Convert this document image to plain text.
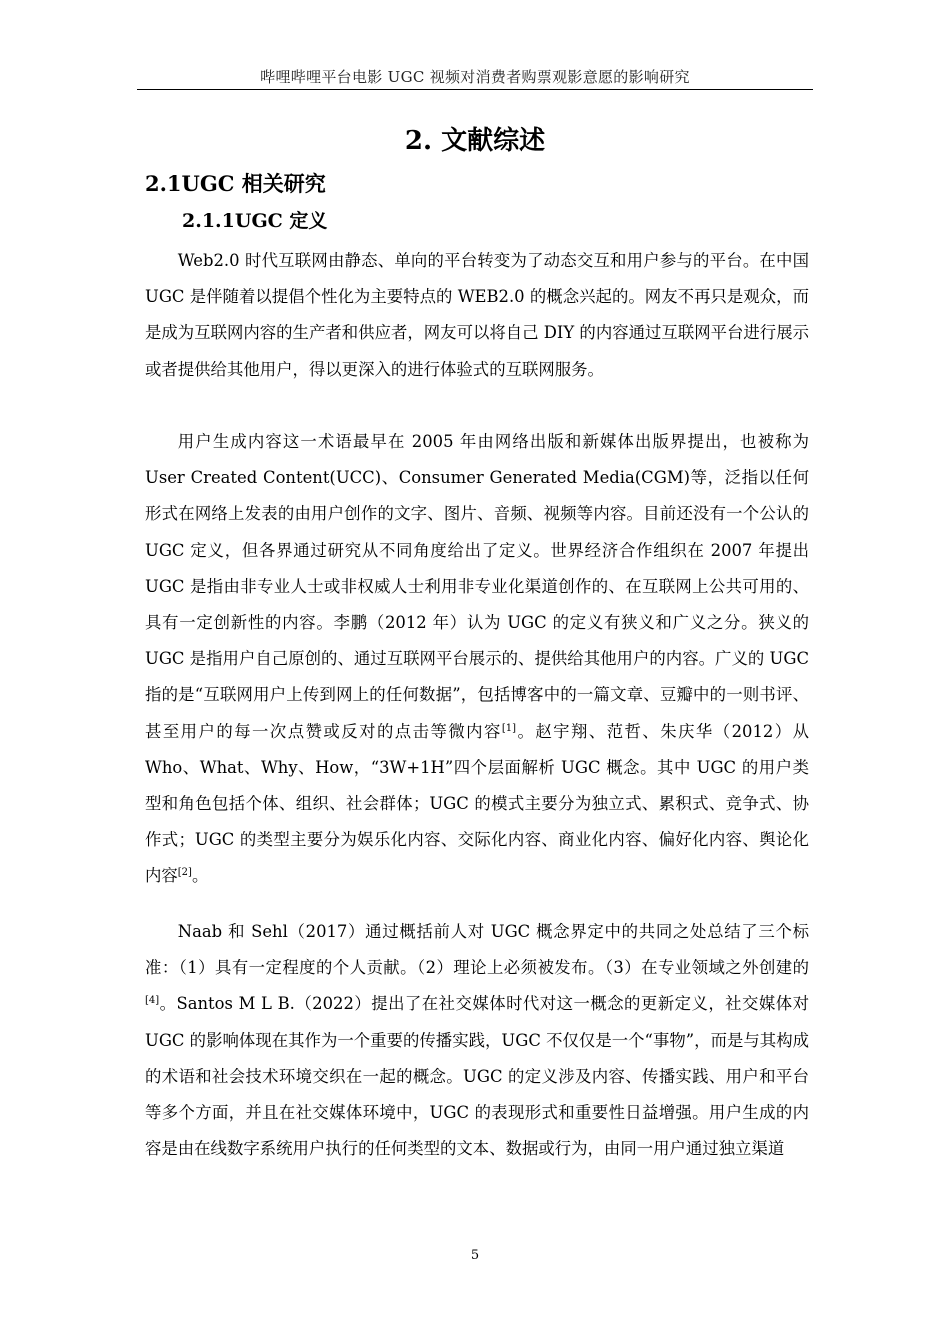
哔哩哔哩平台电影 UGC 视频对消费者购票观影意愿的影响研究
2. 文献综述
2.1UGC 相关研究
2.1.1UGC 定义

Web2.0 时代互联网由静态、单向的平台转变为了动态交互和用户参与的平台。在中国 UGC 是伴随着以提倡个性化为主要特点的 WEB2.0 的概念兴起的。网友不再只是观众，而是成为互联网内容的生产者和供应者，网友可以将自己 DIY 的内容通过互联网平台进行展示或者提供给其他用户，得以更深入的进行体验式的互联网服务。

用户生成内容这一术语最早在 2005 年由网络出版和新媒体出版界提出，也被称为 User Created Content(UCC)、Consumer Generated Media(CGM)等，泛指以任何形式在网络上发表的由用户创作的文字、图片、音频、视频等内容。目前还没有一个公认的 UGC 定义，但各界通过研究从不同角度给出了定义。世界经济合作组织在 2007 年提出 UGC 是指由非专业人士或非权威人士利用非专业化渠道创作的、在互联网上公共可用的、具有一定创新性的内容。李鹏（2012 年）认为 UGC 的定义有狭义和广义之分。狭义的 UGC 是指用户自己原创的、通过互联网平台展示的、提供给其他用户的内容。广义的 UGC 指的是“互联网用户上传到网上的任何数据”，包括博客中的一篇文章、豆瓣中的一则书评、甚至用户的每一次点赞或反对的点击等微内容[1]。赵宇翔、范哲、朱庆华（2012）从 Who、What、Why、How，“3W+1H”四个层面解析 UGC 概念。其中 UGC 的用户类型和角色包括个体、组织、社会群体；UGC 的模式主要分为独立式、累积式、竞争式、协作式；UGC 的类型主要分为娱乐化内容、交际化内容、商业化内容、偏好化内容、舆论化内容[2]。

Naab 和 Sehl（2017）通过概括前人对 UGC 概念界定中的共同之处总结了三个标准：（1）具有一定程度的个人贡献。（2）理论上必须被发布。（3）在专业领域之外创建的[4]。Santos M L B.（2022）提出了在社交媒体时代对这一概念的更新定义，社交媒体对 UGC 的影响体现在其作为一个重要的传播实践，UGC 不仅仅是一个“事物”，而是与其构成的术语和社会技术环境交织在一起的概念。UGC 的定义涉及内容、传播实践、用户和平台等多个方面，并且在社交媒体环境中，UGC 的表现形式和重要性日益增强。用户生成的内容是由在线数字系统用户执行的任何类型的文本、数据或行为，由同一用户通过独立渠道

5
